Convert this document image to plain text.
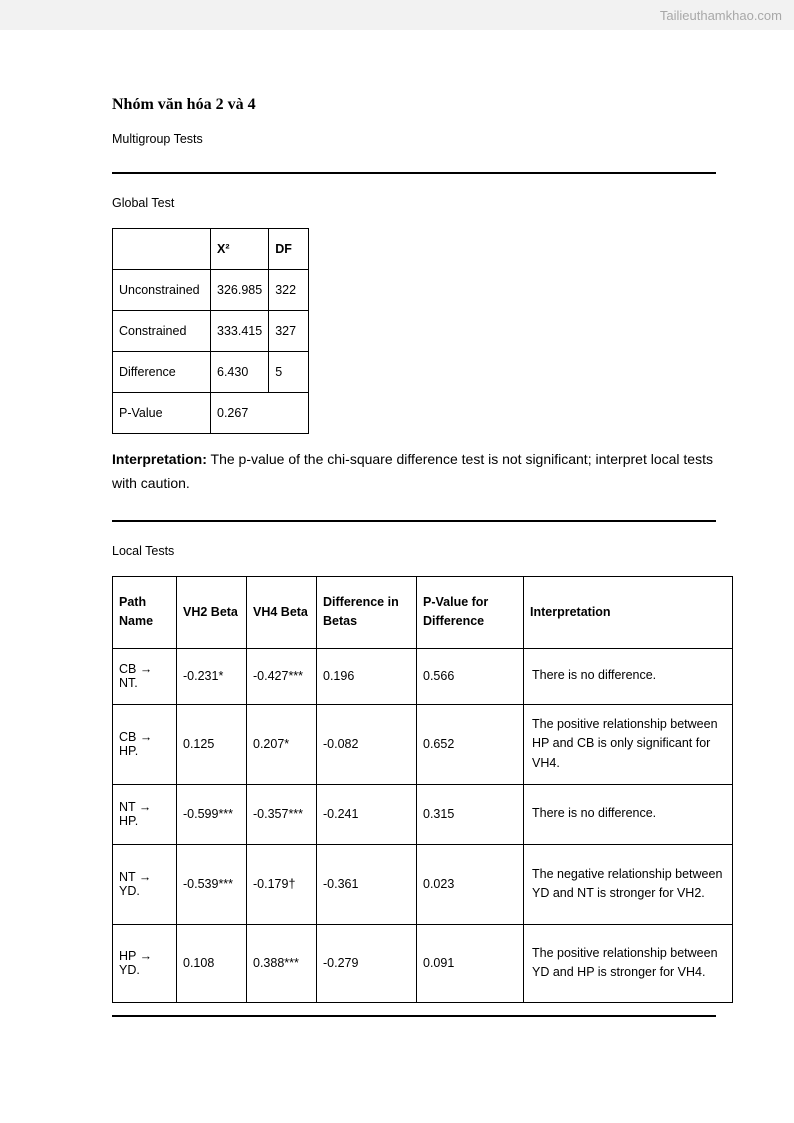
Tailieuthamkhao.com
Nhóm văn hóa 2 và 4
Multigroup Tests
Global Test
	X²	DF
Unconstrained	326.985	322
Constrained	333.415	327
Difference	6.430	5
P-Value	0.267	

Interpretation: The p-value of the chi-square difference test is not significant; interpret local tests with caution.

Local Tests
Path Name	VH2 Beta	VH4 Beta	Difference in Betas	P-Value for Difference	Interpretation
CB → NT.	-0.231*	-0.427***	0.196	0.566	There is no difference.
CB → HP.	0.125	0.207*	-0.082	0.652	The positive relationship between HP and CB is only significant for VH4.
NT → HP.	-0.599***	-0.357***	-0.241	0.315	There is no difference.
NT → YD.	-0.539***	-0.179†	-0.361	0.023	The negative relationship between YD and NT is stronger for VH2.
HP → YD.	0.108	0.388***	-0.279	0.091	The positive relationship between YD and HP is stronger for VH4.
